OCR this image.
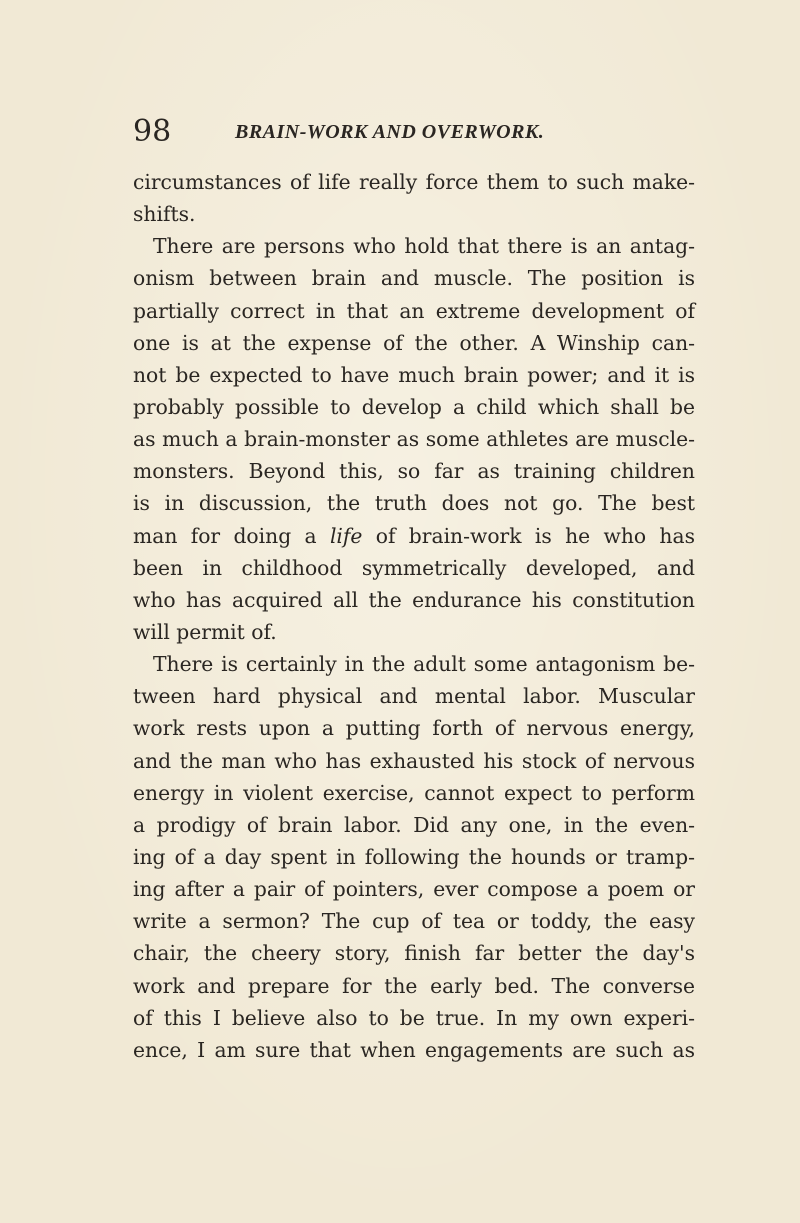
98	BRAIN-WORK AND OVERWORK.
circumstances of life really force them to such make-
shifts.
There are persons who hold that there is an antag-
onism between brain and muscle. The position is
partially correct in that an extreme development of
one is at the expense of the other. A Winship can-
not be expected to have much brain power; and it is
probably possible to develop a child which shall be
as much a brain-monster as some athletes are muscle-
monsters. Beyond this, so far as training children
is in discussion, the truth does not go. The best
man for doing a life of brain-work is he who has
been in childhood symmetrically developed, and
who has acquired all the endurance his constitution
will permit of.
There is certainly in the adult some antagonism be-
tween hard physical and mental labor. Muscular
work rests upon a putting forth of nervous energy,
and the man who has exhausted his stock of nervous
energy in violent exercise, cannot expect to perform
a prodigy of brain labor. Did any one, in the even-
ing of a day spent in following the hounds or tramp-
ing after a pair of pointers, ever compose a poem or
write a sermon? The cup of tea or toddy, the easy
chair, the cheery story, finish far better the day's
work and prepare for the early bed. The converse
of this I believe also to be true. In my own experi-
ence, I am sure that when engagements are such as
